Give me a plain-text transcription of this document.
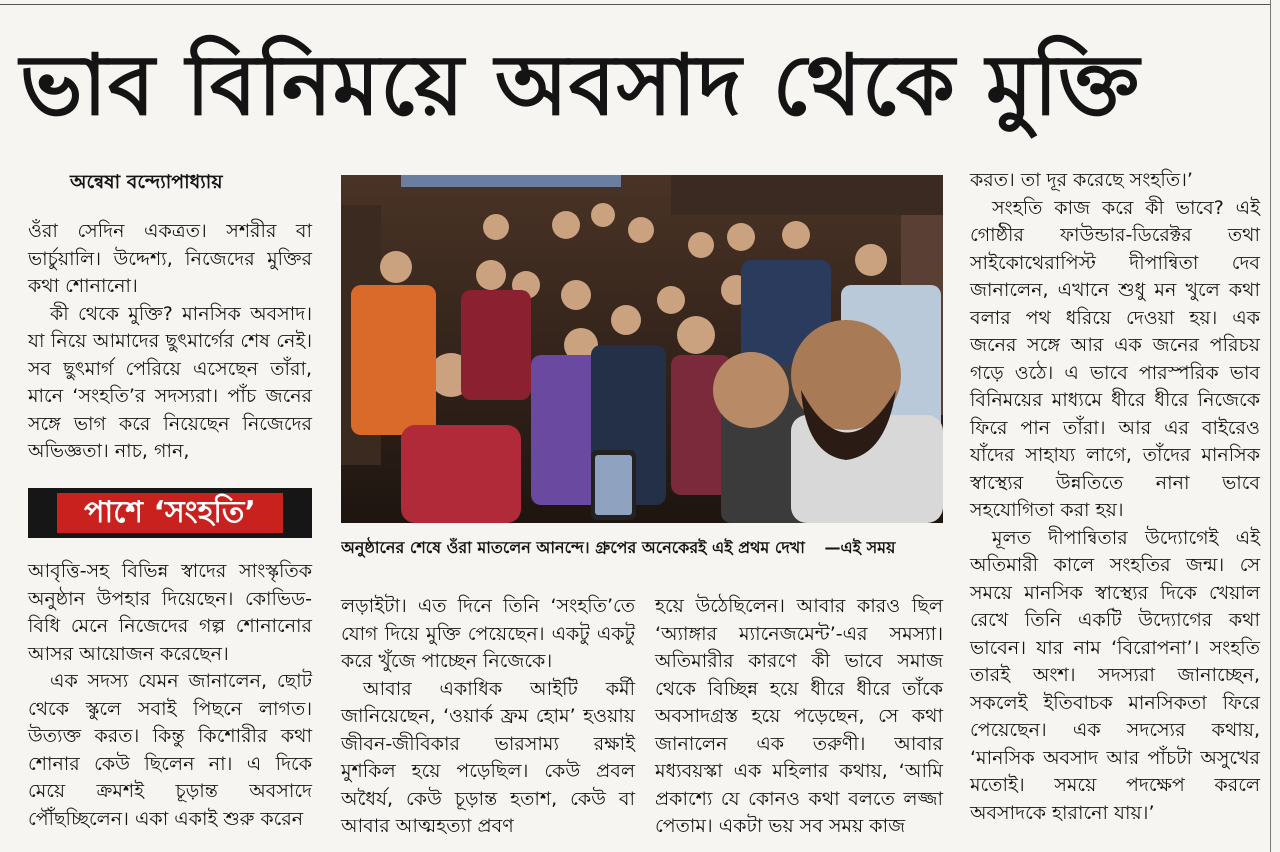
ভাব বিনিময়ে অবসাদ থেকে মুক্তি
অন্বেষা বন্দ্যোপাধ্যায়

ওঁরা সেদিন একত্রত। সশরীর বা ভার্চুয়ালি। উদ্দেশ্য, নিজেদের মুক্তির কথা শোনানো।

কী থেকে মুক্তি? মানসিক অবসাদ। যা নিয়ে আমাদের ছুৎমার্গের শেষ নেই। সব ছুৎমার্গ পেরিয়ে এসেছেন তাঁরা, মানে ‘সংহতি’র সদস্যরা। পাঁচ জনের সঙ্গে ভাগ করে নিয়েছেন নিজেদের অভিজ্ঞতা। নাচ, গান,

পাশে ‘সংহতি’

আবৃত্তি-সহ বিভিন্ন স্বাদের সাংস্কৃতিক অনুষ্ঠান উপহার দিয়েছেন। কোভিড-বিধি মেনে নিজেদের গল্প শোনানোর আসর আয়োজন করেছেন।

এক সদস্য যেমন জানালেন, ছোট থেকে স্কুলে সবাই পিছনে লাগত। উত্যক্ত করত। কিন্তু কিশোরীর কথা শোনার কেউ ছিলেন না। এ দিকে মেয়ে ক্রমশই চূড়ান্ত অবসাদে পৌঁছচ্ছিলেন। একা একাই শুরু করেন

অনুষ্ঠানের শেষে ওঁরা মাতলেন আনন্দে। গ্রুপের অনেকেরই এই প্রথম দেখা —এই সময়

লড়াইটা। এত দিনে তিনি ‘সংহতি’তে যোগ দিয়ে মুক্তি পেয়েছেন। একটু একটু করে খুঁজে পাচ্ছেন নিজেকে।

আবার একাধিক আইটি কর্মী জানিয়েছেন, ‘ওয়ার্ক ফ্রম হোম’ হওয়ায় জীবন-জীবিকার ভারসাম্য রক্ষাই মুশকিল হয়ে পড়েছিল। কেউ প্রবল অধৈর্য, কেউ চূড়ান্ত হতাশ, কেউ বা আবার আত্মহত্যা প্রবণ

হয়ে উঠেছিলেন। আবার কারও ছিল ‘অ্যাঙ্গার ম্যানেজমেন্ট’-এর সমস্যা। অতিমারীর কারণে কী ভাবে সমাজ থেকে বিচ্ছিন্ন হয়ে ধীরে ধীরে তাঁকে অবসাদগ্রস্ত হয়ে পড়েছেন, সে কথা জানালেন এক তরুণী। আবার মধ্যবয়স্কা এক মহিলার কথায়, ‘আমি প্রকাশ্যে যে কোনও কথা বলতে লজ্জা পেতাম। একটা ভয় সব সময় কাজ

করত। তা দূর করেছে সংহতি।’

সংহতি কাজ করে কী ভাবে? এই গোষ্ঠীর ফাউন্ডার-ডিরেক্টর তথা সাইকোথেরাপিস্ট দীপান্বিতা দেব জানালেন, এখানে শুধু মন খুলে কথা বলার পথ ধরিয়ে দেওয়া হয়। এক জনের সঙ্গে আর এক জনের পরিচয় গড়ে ওঠে। এ ভাবে পারস্পরিক ভাব বিনিময়ের মাধ্যমে ধীরে ধীরে নিজেকে ফিরে পান তাঁরা। আর এর বাইরেও যাঁদের সাহায্য লাগে, তাঁদের মানসিক স্বাস্থ্যের উন্নতিতে নানা ভাবে সহযোগিতা করা হয়।

মূলত দীপান্বিতার উদ্যোগেই এই অতিমারী কালে সংহতির জন্ম। সে সময়ে মানসিক স্বাস্থ্যের দিকে খেয়াল রেখে তিনি একটি উদ্যোগের কথা ভাবেন। যার নাম ‘বিরোপনা’। সংহতি তারই অংশ। সদস্যরা জানাচ্ছেন, সকলেই ইতিবাচক মানসিকতা ফিরে পেয়েছেন। এক সদস্যের কথায়, ‘মানসিক অবসাদ আর পাঁচটা অসুখের মতোই। সময়ে পদক্ষেপ করলে অবসাদকে হারানো যায়।’
